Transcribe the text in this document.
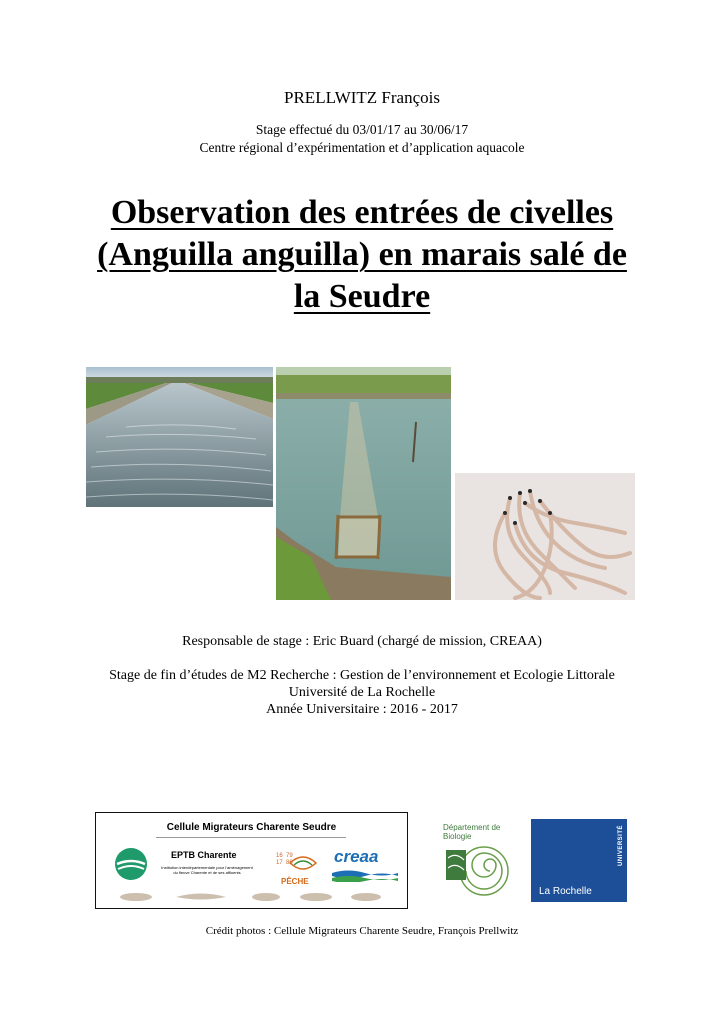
PRELLWITZ François
Stage effectué du 03/01/17 au 30/06/17
Centre régional d’expérimentation et d’application aquacole
Observation des entrées de civelles
(Anguilla anguilla) en marais salé de
la Seudre
Responsable de stage : Eric Buard (chargé de mission, CREAA)
Stage de fin d’études de M2 Recherche : Gestion de l’environnement et Ecologie Littorale
Université de La Rochelle
Année Universitaire : 2016 - 2017
Cellule Migrateurs Charente Seudre
EPTB Charente
Institution interdépartementale pour l’aménagement du fleuve Charente et de ses affluents
16  79
17  86
PÊCHE
creaa
Département de
Biologie	UNIVERSITÉ
La Rochelle
Crédit photos : Cellule Migrateurs Charente Seudre, François Prellwitz
